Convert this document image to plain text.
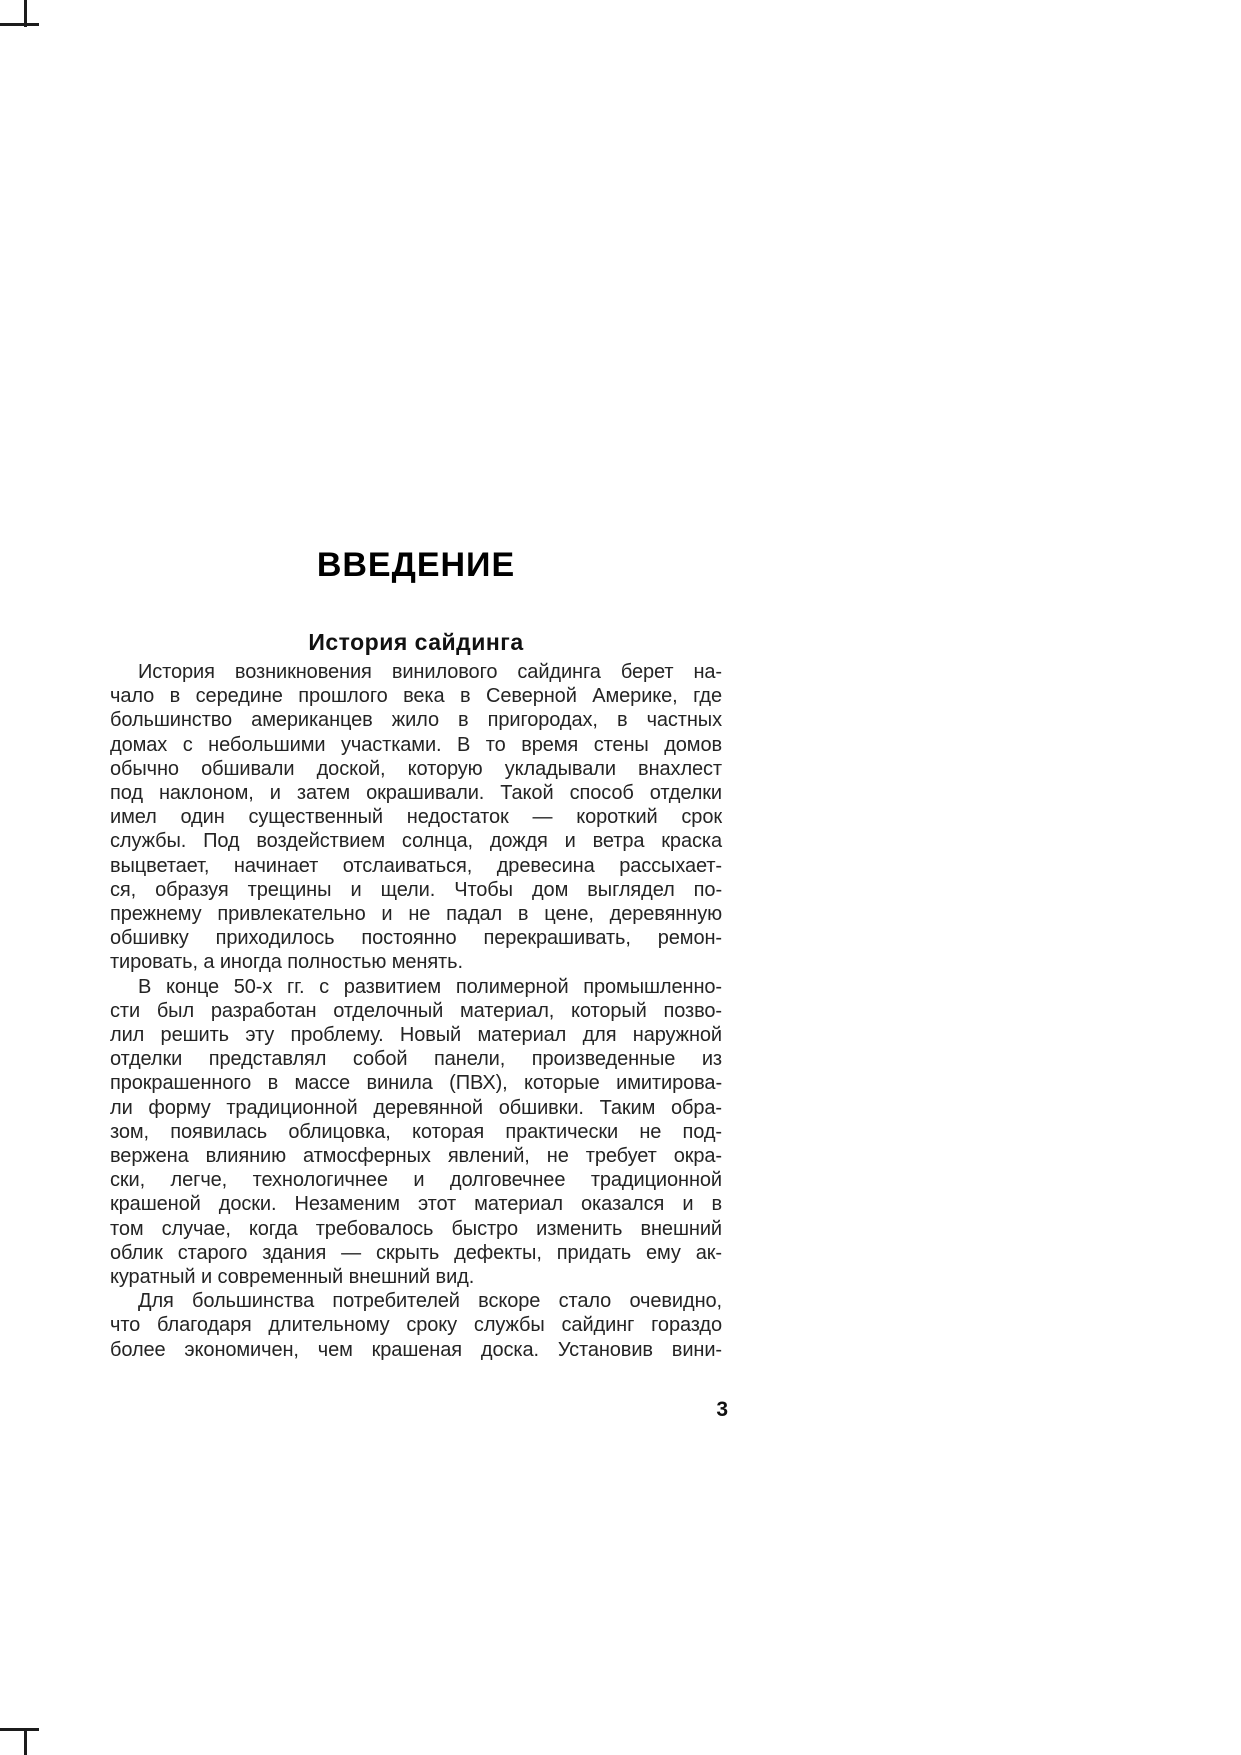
ВВЕДЕНИЕ
История сайдинга
История возникновения винилового сайдинга берет на-
чало в середине прошлого века в Северной Америке, где
большинство американцев жило в пригородах, в частных
домах с небольшими участками. В то время стены домов
обычно обшивали доской, которую укладывали внахлест
под наклоном, и затем окрашивали. Такой способ отделки
имел один существенный недостаток — короткий срок
службы. Под воздействием солнца, дождя и ветра краска
выцветает, начинает отслаиваться, древесина рассыхает-
ся, образуя трещины и щели. Чтобы дом выглядел по-
прежнему привлекательно и не падал в цене, деревянную
обшивку приходилось постоянно перекрашивать, ремон-
тировать, а иногда полностью менять.
В конце 50-х гг. с развитием полимерной промышленно-
сти был разработан отделочный материал, который позво-
лил решить эту проблему. Новый материал для наружной
отделки представлял собой панели, произведенные из
прокрашенного в массе винила (ПВХ), которые имитирова-
ли форму традиционной деревянной обшивки. Таким обра-
зом, появилась облицовка, которая практически не под-
вержена влиянию атмосферных явлений, не требует окра-
ски, легче, технологичнее и долговечнее традиционной
крашеной доски. Незаменим этот материал оказался и в
том случае, когда требовалось быстро изменить внешний
облик старого здания — скрыть дефекты, придать ему ак-
куратный и современный внешний вид.
Для большинства потребителей вскоре стало очевидно,
что благодаря длительному сроку службы сайдинг гораздо
более экономичен, чем крашеная доска. Установив вини-
3
